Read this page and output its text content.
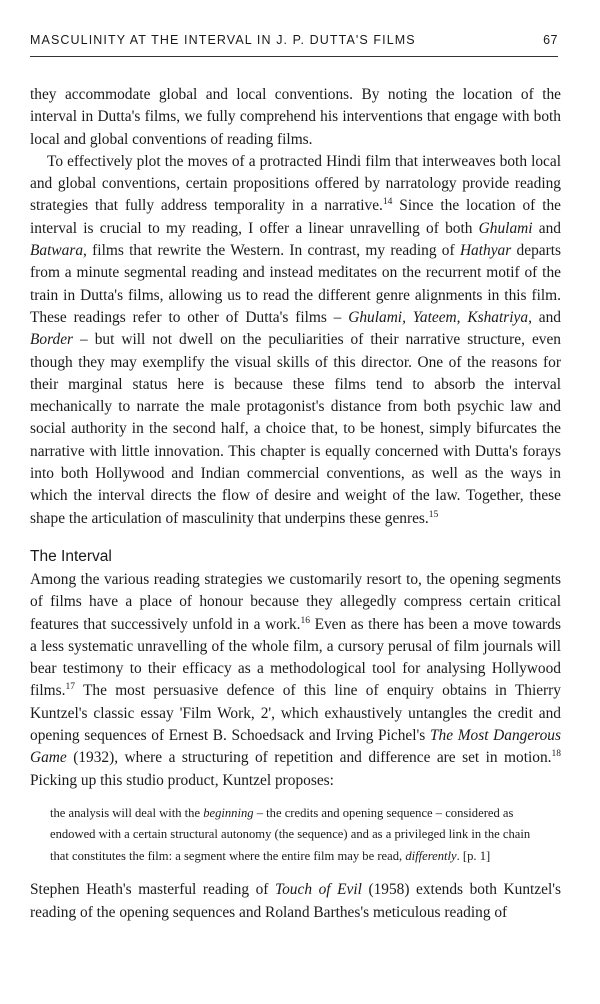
MASCULINITY AT THE INTERVAL IN J. P. DUTTA'S FILMS	67

they accommodate global and local conventions. By noting the location of the interval in Dutta's films, we fully comprehend his interventions that engage with both local and global conventions of reading films.

To effectively plot the moves of a protracted Hindi film that interweaves both local and global conventions, certain propositions offered by narratology provide reading strategies that fully address temporality in a narrative.$^{14}$ Since the location of the interval is crucial to my reading, I offer a linear unravelling of both Ghulami and Batwara, films that rewrite the Western. In contrast, my reading of Hathyar departs from a minute segmental reading and instead meditates on the recurrent motif of the train in Dutta's films, allowing us to read the different genre alignments in this film. These readings refer to other of Dutta's films – Ghulami, Yateem, Kshatriya, and Border – but will not dwell on the peculiarities of their narrative structure, even though they may exemplify the visual skills of this director. One of the reasons for their marginal status here is because these films tend to absorb the interval mechanically to narrate the male protagonist's distance from both psychic law and social authority in the second half, a choice that, to be honest, simply bifurcates the narrative with little innovation. This chapter is equally concerned with Dutta's forays into both Hollywood and Indian commercial conventions, as well as the ways in which the interval directs the flow of desire and weight of the law. Together, these shape the articulation of masculinity that underpins these genres.$^{15}$

The Interval

Among the various reading strategies we customarily resort to, the opening segments of films have a place of honour because they allegedly compress certain critical features that successively unfold in a work.$^{16}$ Even as there has been a move towards a less systematic unravelling of the whole film, a cursory perusal of film journals will bear testimony to their efficacy as a methodological tool for analysing Hollywood films.$^{17}$ The most persuasive defence of this line of enquiry obtains in Thierry Kuntzel's classic essay 'Film Work, 2', which exhaustively untangles the credit and opening sequences of Ernest B. Schoedsack and Irving Pichel's The Most Dangerous Game (1932), where a structuring of repetition and difference are set in motion.$^{18}$ Picking up this studio product, Kuntzel proposes:

the analysis will deal with the beginning – the credits and opening sequence – considered as endowed with a certain structural autonomy (the sequence) and as a privileged link in the chain that constitutes the film: a segment where the entire film may be read, differently. [p. 1]

Stephen Heath's masterful reading of Touch of Evil (1958) extends both Kuntzel's reading of the opening sequences and Roland Barthes's meticulous reading of
